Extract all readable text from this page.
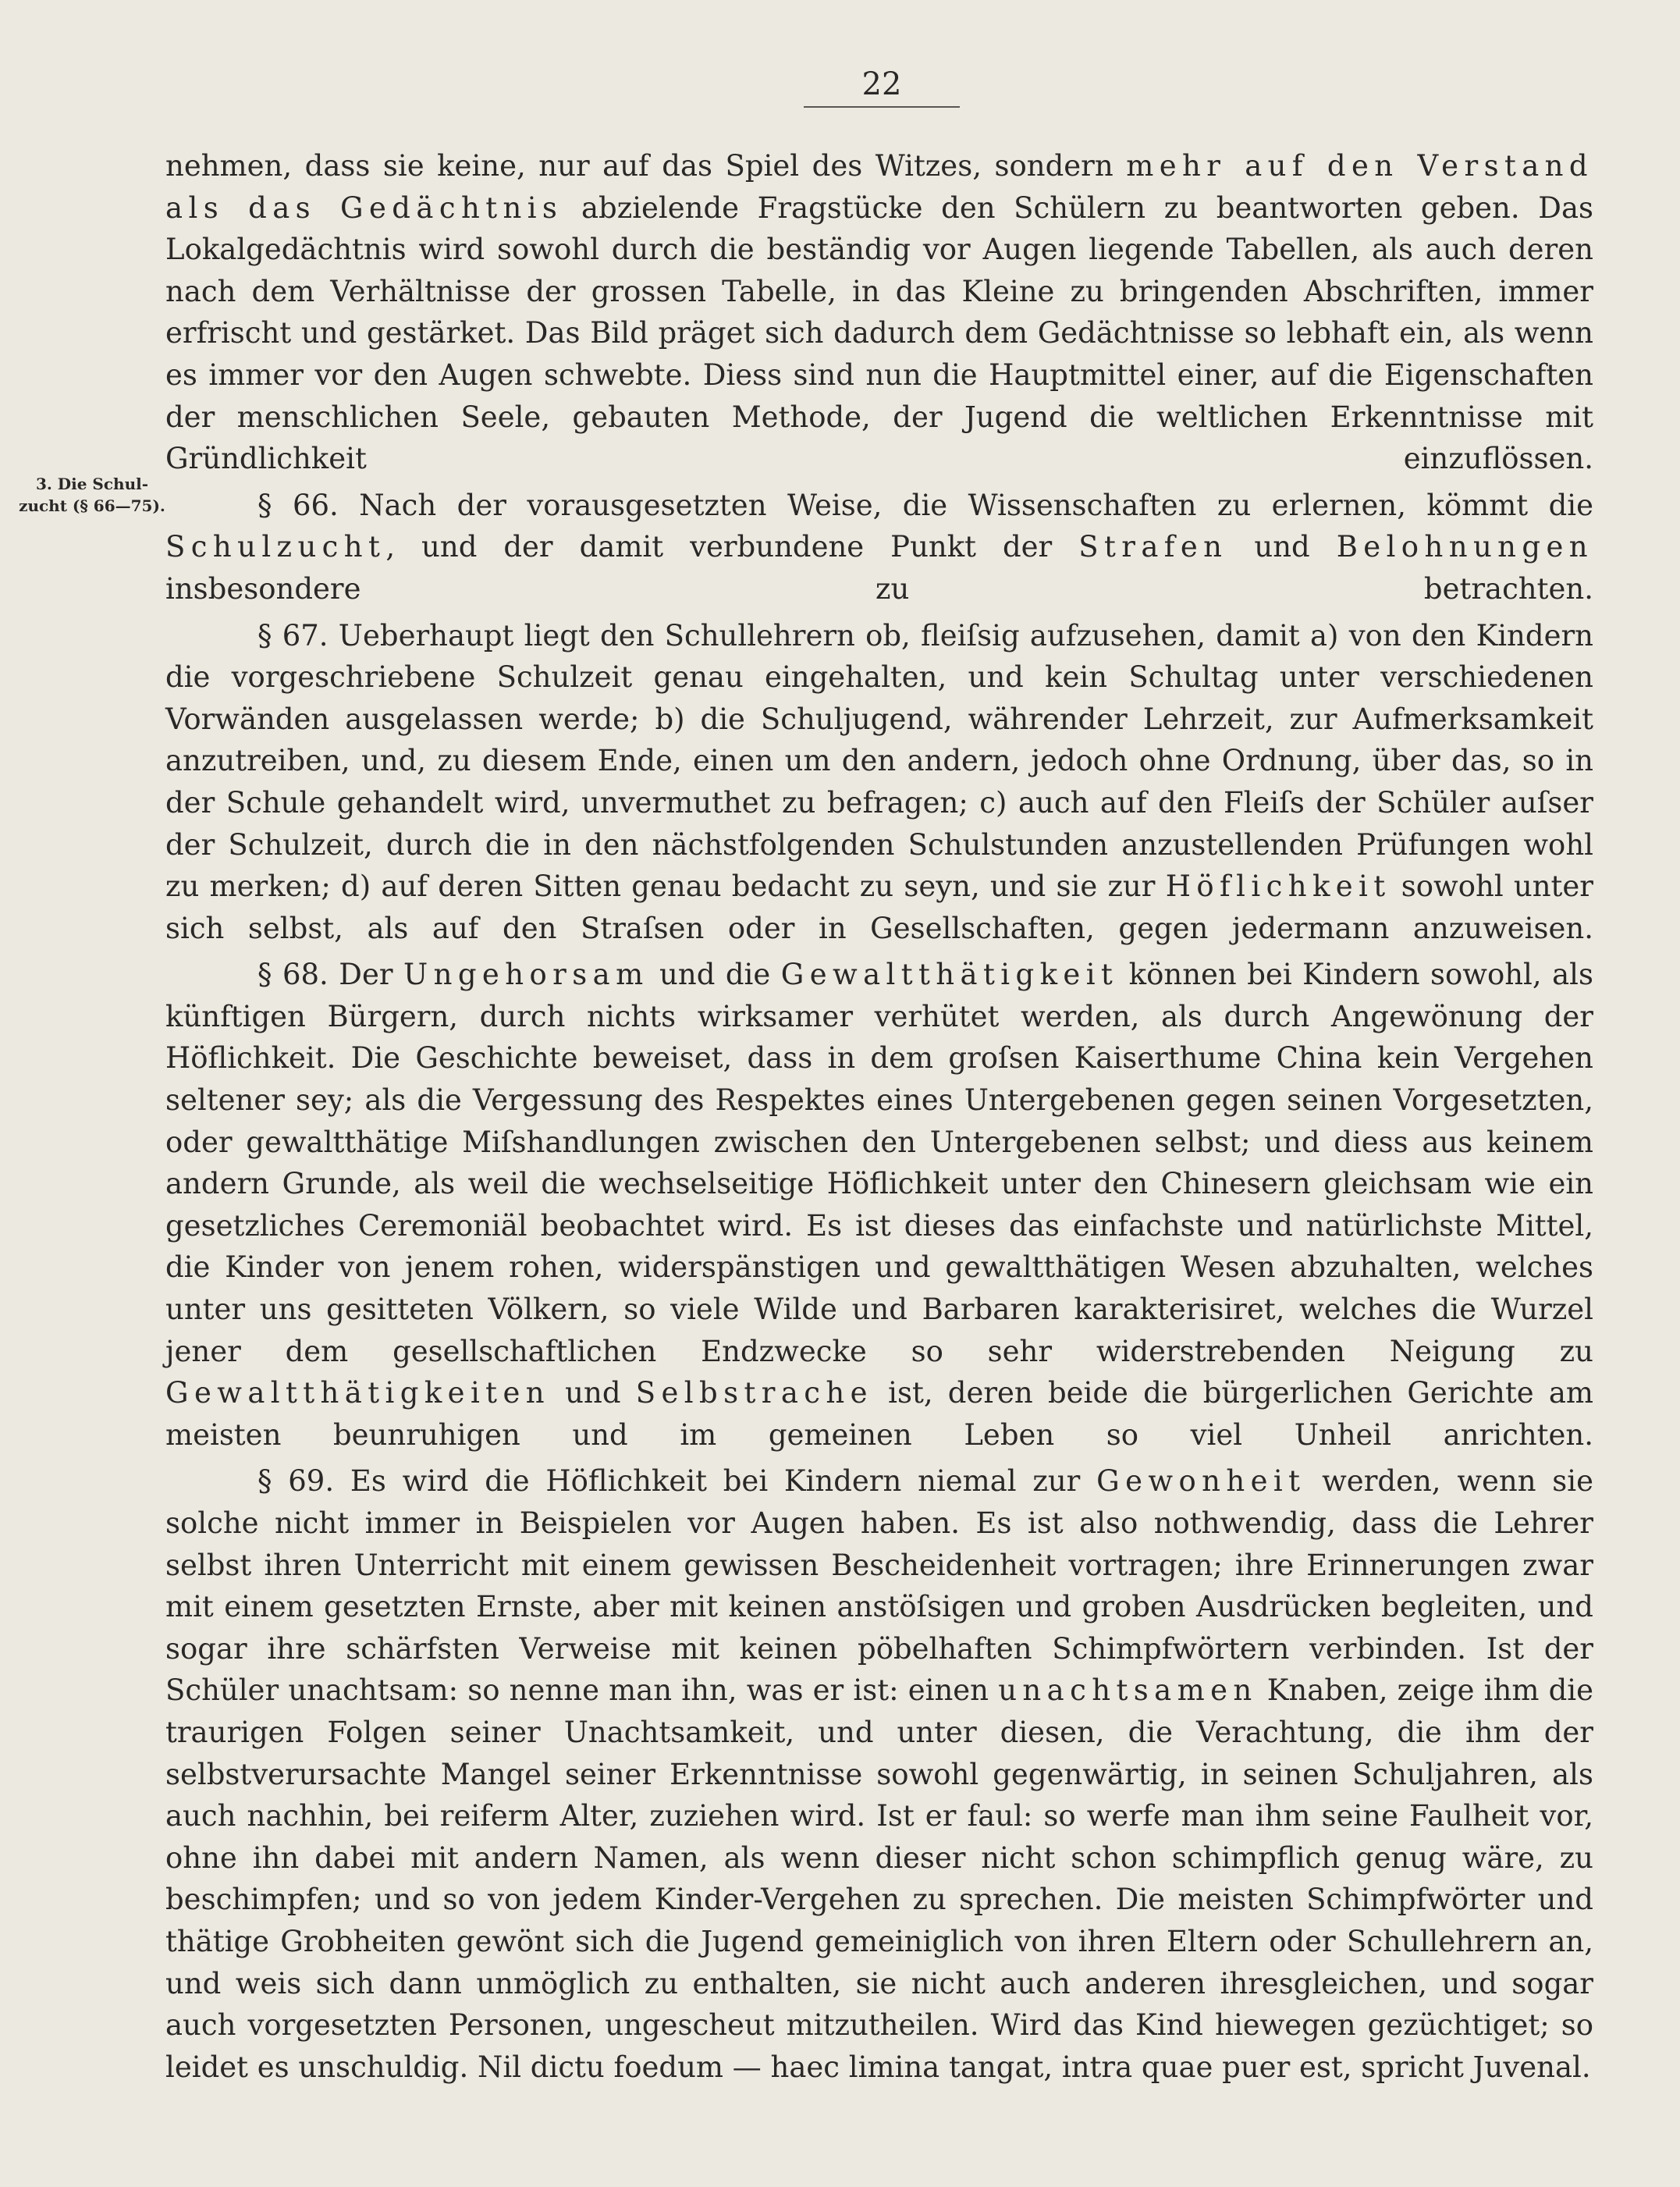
22
3. Die Schul-
zucht (§ 66—75).

nehmen, dass sie keine, nur auf das Spiel des Witzes, sondern mehr auf den Verstand als das Gedächtnis abzielende Fragstücke den Schülern zu beantworten geben. Das Lokalgedächtnis wird sowohl durch die beständig vor Augen liegende Tabellen, als auch deren nach dem Verhältnisse der grossen Tabelle, in das Kleine zu bringenden Abschriften, immer erfrischt und gestärket. Das Bild präget sich dadurch dem Gedächtnisse so lebhaft ein, als wenn es immer vor den Augen schwebte. Diess sind nun die Hauptmittel einer, auf die Eigenschaften der menschlichen Seele, gebauten Methode, der Jugend die weltlichen Erkenntnisse mit Gründlichkeit einzuflössen.

§ 66. Nach der vorausgesetzten Weise, die Wissenschaften zu erlernen, kömmt die Schulzucht, und der damit verbundene Punkt der Strafen und Belohnungen insbesondere zu betrachten.

§ 67. Ueberhaupt liegt den Schullehrern ob, fleiſsig aufzusehen, damit a) von den Kindern die vorgeschriebene Schulzeit genau eingehalten, und kein Schultag unter verschiedenen Vorwänden ausgelassen werde; b) die Schuljugend, währender Lehrzeit, zur Aufmerksamkeit anzutreiben, und, zu diesem Ende, einen um den andern, jedoch ohne Ordnung, über das, so in der Schule gehandelt wird, unvermuthet zu befragen; c) auch auf den Fleiſs der Schüler auſser der Schulzeit, durch die in den nächstfolgenden Schulstunden anzustellenden Prüfungen wohl zu merken; d) auf deren Sitten genau bedacht zu seyn, und sie zur Höflichkeit sowohl unter sich selbst, als auf den Straſsen oder in Gesellschaften, gegen jedermann anzuweisen.

§ 68. Der Ungehorsam und die Gewaltthätigkeit können bei Kindern sowohl, als künftigen Bürgern, durch nichts wirksamer verhütet werden, als durch Angewönung der Höflichkeit. Die Geschichte beweiset, dass in dem groſsen Kaiserthume China kein Vergehen seltener sey; als die Vergessung des Respektes eines Untergebenen gegen seinen Vorgesetzten, oder gewaltthätige Miſshandlungen zwischen den Untergebenen selbst; und diess aus keinem andern Grunde, als weil die wechselseitige Höflichkeit unter den Chinesern gleichsam wie ein gesetzliches Ceremoniäl beobachtet wird. Es ist dieses das einfachste und natürlichste Mittel, die Kinder von jenem rohen, widerspänstigen und gewaltthätigen Wesen abzuhalten, welches unter uns gesitteten Völkern, so viele Wilde und Barbaren karakterisiret, welches die Wurzel jener dem gesellschaftlichen Endzwecke so sehr widerstrebenden Neigung zu Gewaltthätigkeiten und Selbstrache ist, deren beide die bürgerlichen Gerichte am meisten beunruhigen und im gemeinen Leben so viel Unheil anrichten.

§ 69. Es wird die Höflichkeit bei Kindern niemal zur Gewonheit werden, wenn sie solche nicht immer in Beispielen vor Augen haben. Es ist also nothwendig, dass die Lehrer selbst ihren Unterricht mit einem gewissen Bescheidenheit vortragen; ihre Erinnerungen zwar mit einem gesetzten Ernste, aber mit keinen anstöſsigen und groben Ausdrücken begleiten, und sogar ihre schärfsten Verweise mit keinen pöbelhaften Schimpfwörtern verbinden. Ist der Schüler unachtsam: so nenne man ihn, was er ist: einen unachtsamen Knaben, zeige ihm die traurigen Folgen seiner Unachtsamkeit, und unter diesen, die Verachtung, die ihm der selbstverursachte Mangel seiner Erkenntnisse sowohl gegenwärtig, in seinen Schuljahren, als auch nachhin, bei reiferm Alter, zuziehen wird. Ist er faul: so werfe man ihm seine Faulheit vor, ohne ihn dabei mit andern Namen, als wenn dieser nicht schon schimpflich genug wäre, zu beschimpfen; und so von jedem Kinder-Vergehen zu sprechen. Die meisten Schimpfwörter und thätige Grobheiten gewönt sich die Jugend gemeiniglich von ihren Eltern oder Schullehrern an, und weis sich dann unmöglich zu enthalten, sie nicht auch anderen ihresgleichen, und sogar auch vorgesetzten Personen, ungescheut mitzutheilen. Wird das Kind hiewegen gezüchtiget; so leidet es unschuldig. Nil dictu foedum — haec limina tangat, intra quae puer est, spricht Juvenal.
